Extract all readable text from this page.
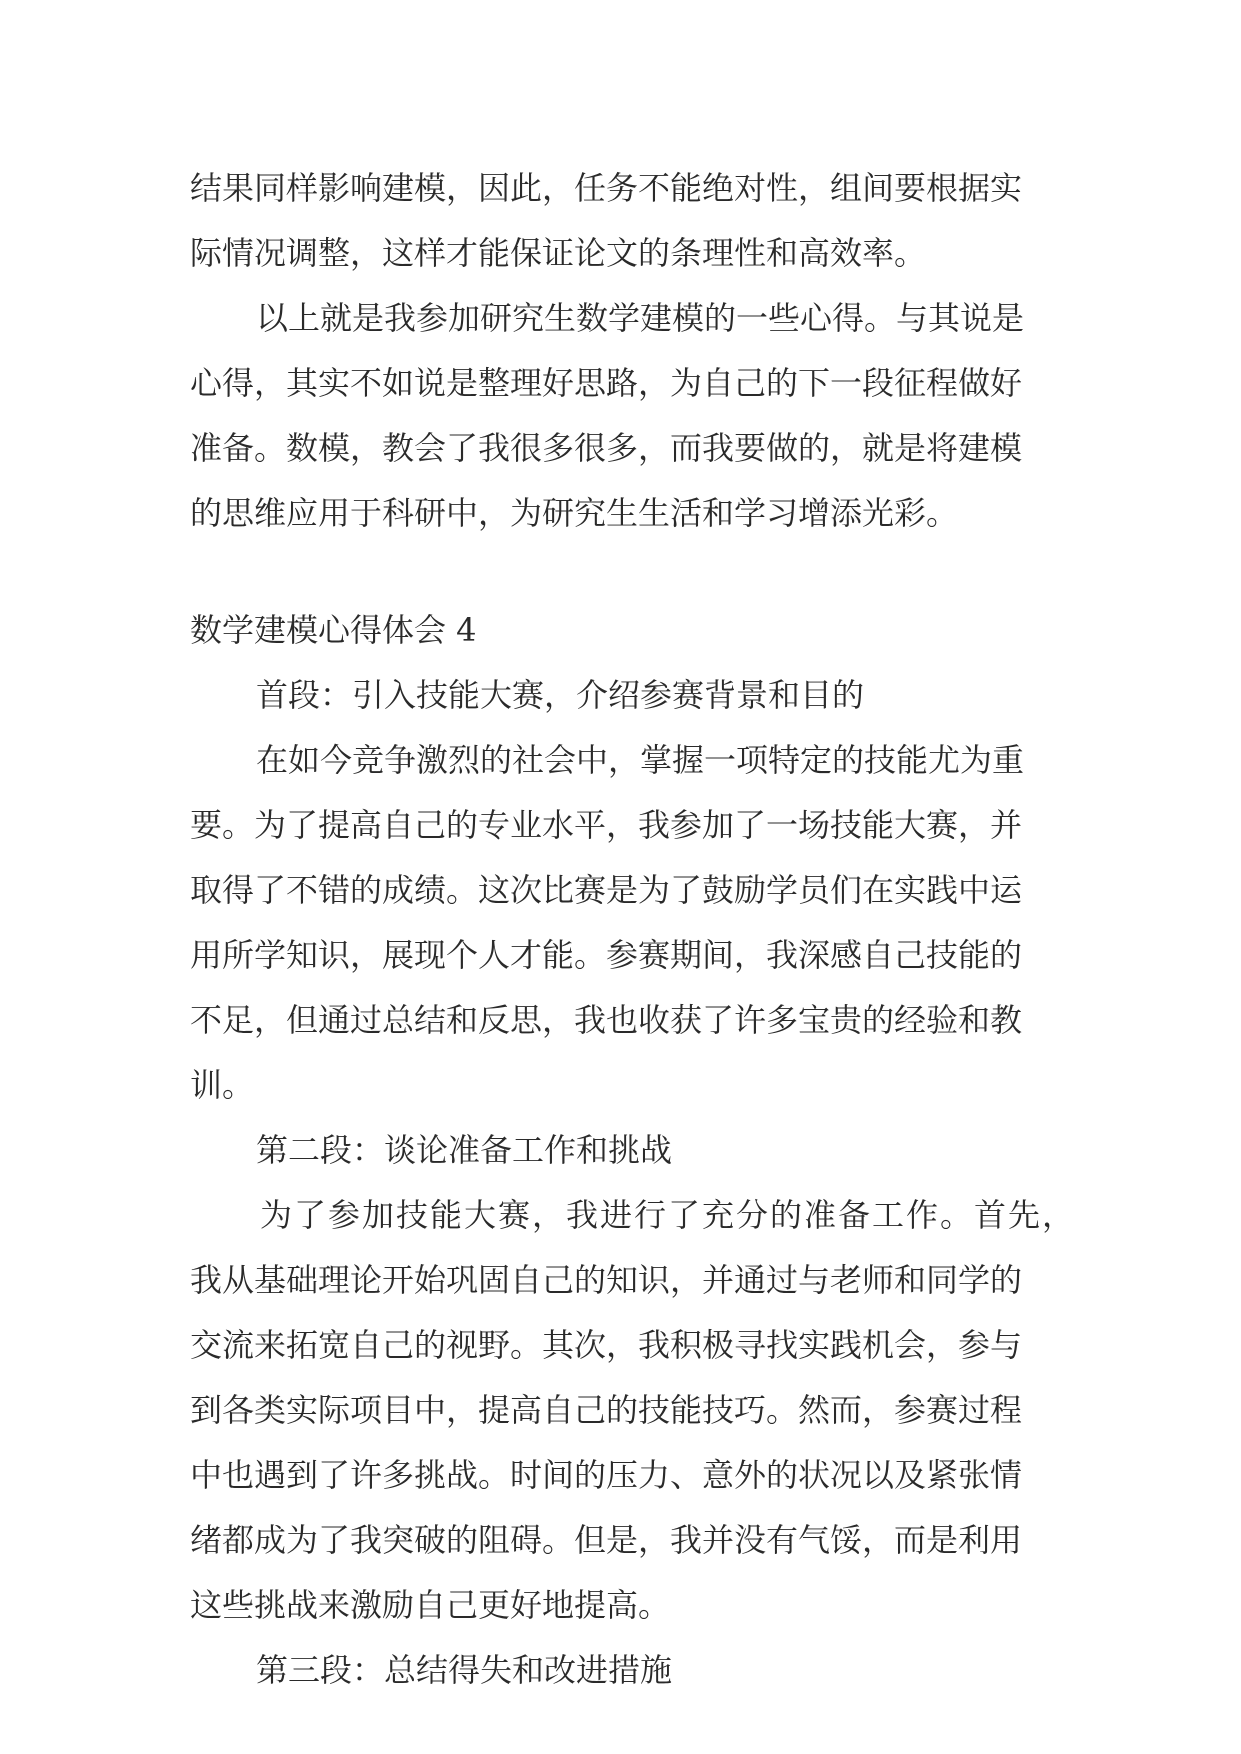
结果同样影响建模，因此，任务不能绝对性，组间要根据实
际情况调整，这样才能保证论文的条理性和高效率。
以上就是我参加研究生数学建模的一些心得。与其说是
心得，其实不如说是整理好思路，为自己的下一段征程做好
准备。数模，教会了我很多很多，而我要做的，就是将建模
的思维应用于科研中，为研究生生活和学习增添光彩。
数学建模心得体会 4
首段：引入技能大赛，介绍参赛背景和目的
在如今竞争激烈的社会中，掌握一项特定的技能尤为重
要。为了提高自己的专业水平，我参加了一场技能大赛，并
取得了不错的成绩。这次比赛是为了鼓励学员们在实践中运
用所学知识，展现个人才能。参赛期间，我深感自己技能的
不足，但通过总结和反思，我也收获了许多宝贵的经验和教
训。
第二段：谈论准备工作和挑战
为了参加技能大赛，我进行了充分的准备工作。首先，
我从基础理论开始巩固自己的知识，并通过与老师和同学的
交流来拓宽自己的视野。其次，我积极寻找实践机会，参与
到各类实际项目中，提高自己的技能技巧。然而，参赛过程
中也遇到了许多挑战。时间的压力、意外的状况以及紧张情
绪都成为了我突破的阻碍。但是，我并没有气馁，而是利用
这些挑战来激励自己更好地提高。
第三段：总结得失和改进措施
